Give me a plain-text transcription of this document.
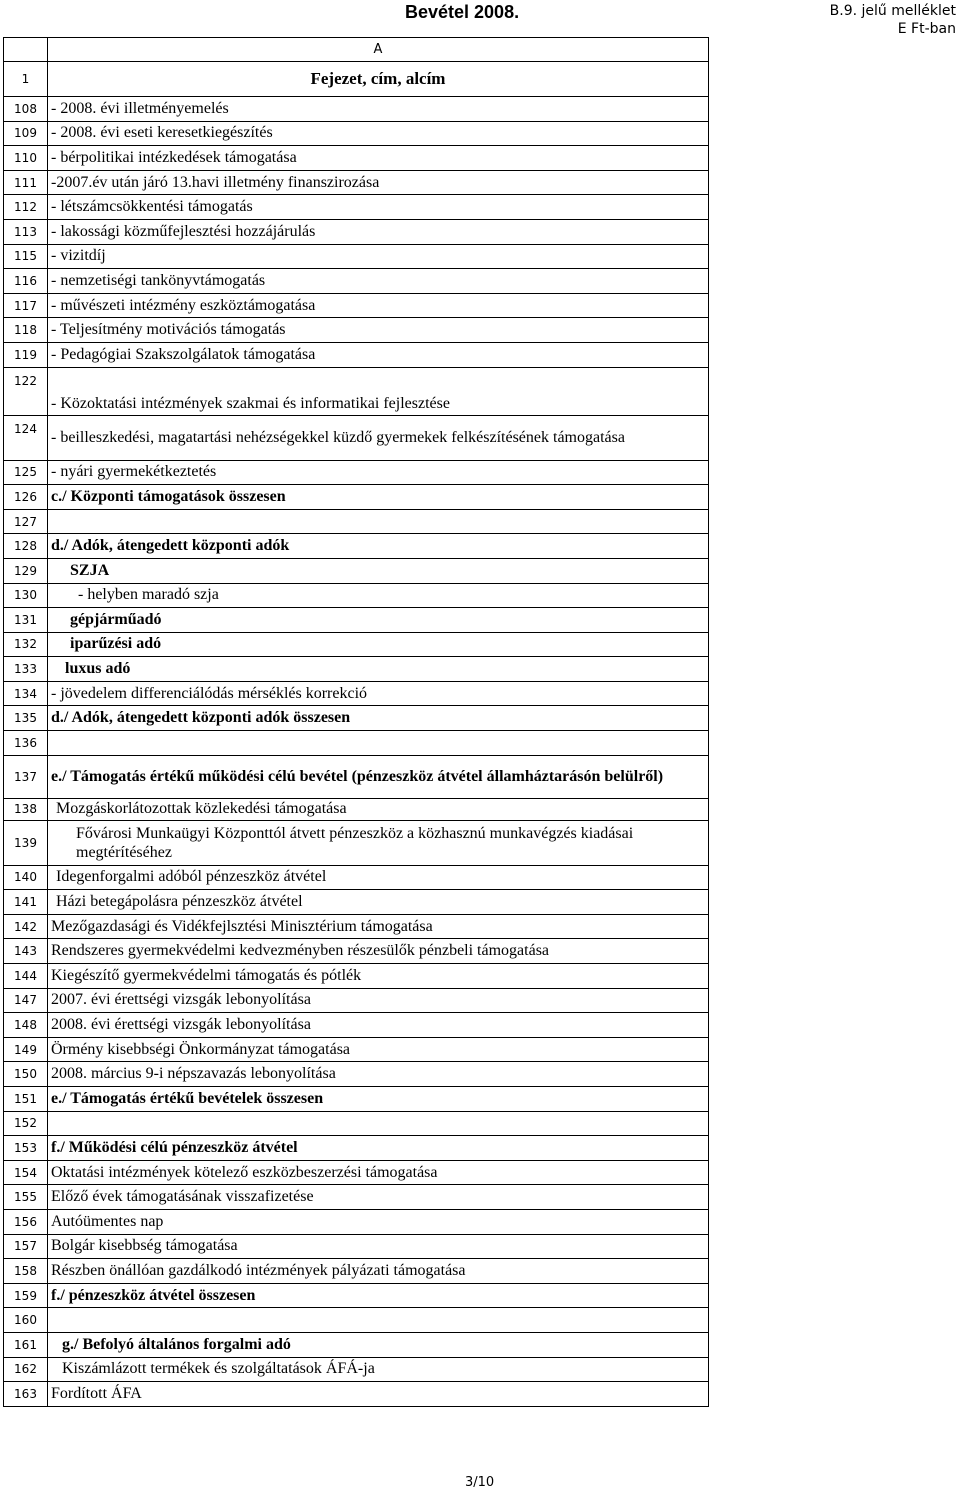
Bevétel 2008.	B.9. jelű melléklet
E Ft-ban
	A
1	Fejezet, cím, alcím
108	- 2008. évi illetményemelés
109	- 2008. évi eseti keresetkiegészítés
110	- bérpolitikai intézkedések támogatása
111	-2007.év után járó 13.havi illetmény finanszirozása
112	- létszámcsökkentési támogatás
113	- lakossági közműfejlesztési hozzájárulás
115	- vizitdíj
116	- nemzetiségi tankönyvtámogatás
117	- művészeti intézmény eszköztámogatása
118	- Teljesítmény motivációs támogatás
119	- Pedagógiai Szakszolgálatok támogatása
122	- Közoktatási intézmények szakmai és informatikai fejlesztése
124	- beilleszkedési, magatartási nehézségekkel küzdő gyermekek felkészítésének támogatása
125	- nyári gyermekétkeztetés
126	c./ Központi támogatások összesen
127	
128	d./ Adók, átengedett központi adók
129	SZJA
130	- helyben maradó szja
131	gépjárműadó
132	iparűzési adó
133	luxus adó
134	- jövedelem differenciálódás mérséklés korrekció
135	d./ Adók, átengedett központi adók összesen
136	
137	e./ Támogatás értékű működési célú bevétel (pénzeszköz átvétel államháztarásón belülről)
138	Mozgáskorlátozottak közlekedési támogatása
139	Fővárosi Munkaügyi Központtól átvett pénzeszköz a közhasznú munkavégzés kiadásai megtérítéséhez
140	Idegenforgalmi adóból pénzeszköz átvétel
141	Házi betegápolásra pénzeszköz átvétel
142	Mezőgazdasági és Vidékfejlsztési Minisztérium támogatása
143	Rendszeres gyermekvédelmi kedvezményben részesülők pénzbeli támogatása
144	Kiegészítő gyermekvédelmi támogatás és pótlék
147	2007. évi érettségi vizsgák lebonyolítása
148	2008. évi érettségi vizsgák lebonyolítása
149	Örmény kisebbségi Önkormányzat támogatása
150	2008. március 9-i népszavazás lebonyolítása
151	e./ Támogatás értékű bevételek összesen
152	
153	f./ Működési célú pénzeszköz átvétel
154	Oktatási intézmények kötelező eszközbeszerzési támogatása
155	Előző évek támogatásának visszafizetése
156	Autóümentes nap
157	Bolgár kisebbség támogatása
158	Részben önállóan gazdálkodó intézmények pályázati támogatása
159	f./ pénzeszköz átvétel összesen
160	
161	g./ Befolyó általános forgalmi adó
162	Kiszámlázott termékek és szolgáltatások ÁFÁ-ja
163	Fordított ÁFA
3/10
